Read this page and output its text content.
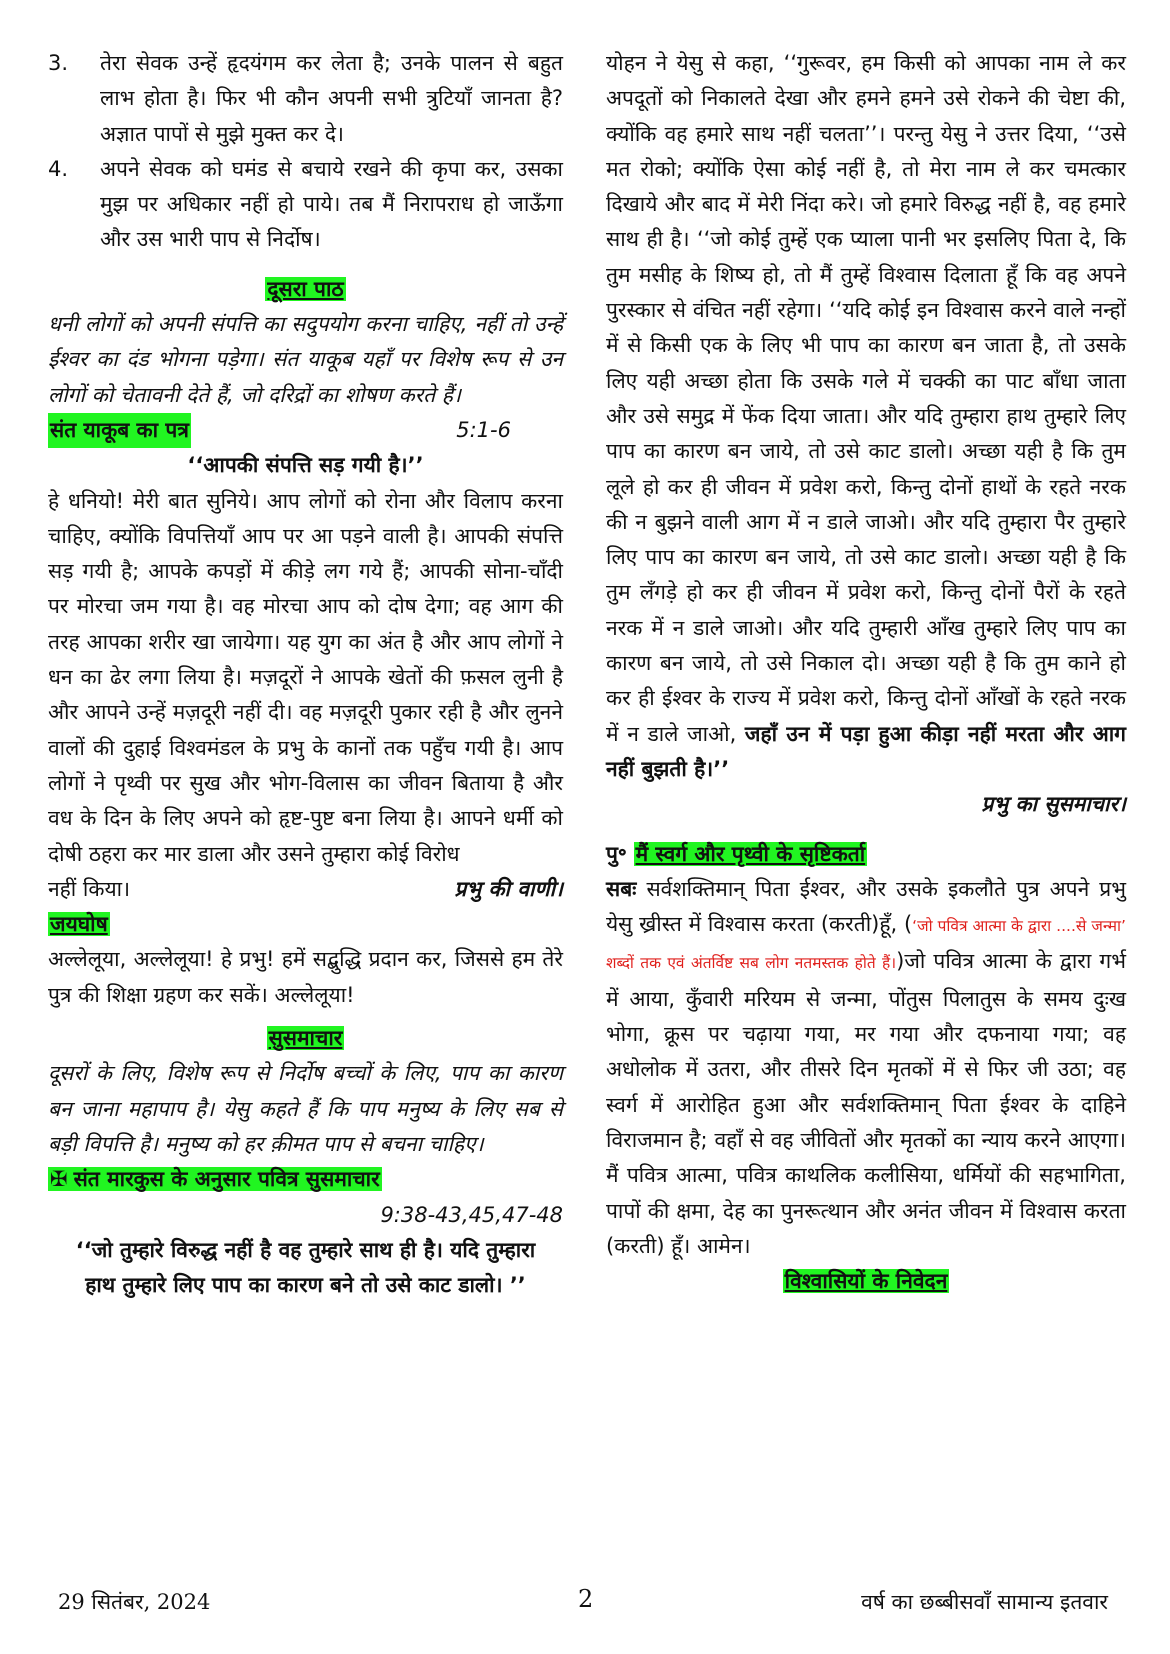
3.	तेरा सेवक उन्हें हृदयंगम कर लेता है; उनके पालन से बहुत लाभ होता है। फिर भी कौन अपनी सभी त्रुटियाँ जानता है? अज्ञात पापों से मुझे मुक्त कर दे।
4.	अपने सेवक को घमंड से बचाये रखने की कृपा कर, उसका मुझ पर अधिकार नहीं हो पाये। तब मैं निरापराध हो जाऊँगा और उस भारी पाप से निर्दोष।
दूसरा पाठ
धनी लोगों को अपनी संपत्ति का सदुपयोग करना चाहिए, नहीं तो उन्हें ईश्वर का दंड भोगना पड़ेगा। संत याकूब यहाँ पर विशेष रूप से उन लोगों को चेतावनी देते हैं, जो दरिद्रों का शोषण करते हैं।
संत याकूब का पत्र	5:1-6
‘‘आपकी संपत्ति सड़ गयी है।’’
हे धनियो! मेरी बात सुनिये। आप लोगों को रोना और विलाप करना चाहिए, क्योंकि विपत्तियाँ आप पर आ पड़ने वाली है। आपकी संपत्ति सड़ गयी है; आपके कपड़ों में कीड़े लग गये हैं; आपकी सोना-चाँदी पर मोरचा जम गया है। वह मोरचा आप को दोष देगा; वह आग की तरह आपका शरीर खा जायेगा। यह युग का अंत है और आप लोगों ने धन का ढेर लगा लिया है। मज़दूरों ने आपके खेतों की फ़सल लुनी है और आपने उन्हें मज़दूरी नहीं दी। वह मज़दूरी पुकार रही है और लुनने वालों की दुहाई विश्वमंडल के प्रभु के कानों तक पहुँच गयी है। आप लोगों ने पृथ्वी पर सुख और भोग-विलास का जीवन बिताया है और वध के दिन के लिए अपने को हृष्ट-पुष्ट बना लिया है। आपने धर्मी को दोषी ठहरा कर मार डाला और उसने तुम्हारा कोई विरोध
नहीं किया।	प्रभु की वाणी।
जयघोष
अल्लेलूया, अल्लेलूया! हे प्रभु! हमें सद्बुद्धि प्रदान कर, जिससे हम तेरे पुत्र की शिक्षा ग्रहण कर सकें। अल्लेलूया!
सुसमाचार
दूसरों के लिए, विशेष रूप से निर्दोष बच्चों के लिए, पाप का कारण बन जाना महापाप है। येसु कहते हैं कि पाप मनुष्य के लिए सब से बड़ी विपत्ति है। मनुष्य को हर क़ीमत पाप से बचना चाहिए।
✠ संत मारकुस के अनुसार पवित्र सुसमाचार
9:38-43,45,47-48
‘‘जो तुम्हारे विरुद्ध नहीं है वह तुम्हारे साथ ही है। यदि तुम्हारा हाथ तुम्हारे लिए पाप का कारण बने तो उसे काट डालो। ’’
योहन ने येसु से कहा, ‘‘गुरूवर, हम किसी को आपका नाम ले कर अपदूतों को निकालते देखा और हमने हमने उसे रोकने की चेष्टा की, क्योंकि वह हमारे साथ नहीं चलता’’। परन्तु येसु ने उत्तर दिया, ‘‘उसे मत रोको; क्योंकि ऐसा कोई नहीं है, तो मेरा नाम ले कर चमत्कार दिखाये और बाद में मेरी निंदा करे। जो हमारे विरुद्ध नहीं है, वह हमारे साथ ही है। ‘‘जो कोई तुम्हें एक प्याला पानी भर इसलिए पिता दे, कि तुम मसीह के शिष्य हो, तो मैं तुम्हें विश्वास दिलाता हूँ कि वह अपने पुरस्कार से वंचित नहीं रहेगा। ‘‘यदि कोई इन विश्वास करने वाले नन्हों में से किसी एक के लिए भी पाप का कारण बन जाता है, तो उसके लिए यही अच्छा होता कि उसके गले में चक्की का पाट बाँधा जाता और उसे समुद्र में फेंक दिया जाता। और यदि तुम्हारा हाथ तुम्हारे लिए पाप का कारण बन जाये, तो उसे काट डालो। अच्छा यही है कि तुम लूले हो कर ही जीवन में प्रवेश करो, किन्तु दोनों हाथों के रहते नरक की न बुझने वाली आग में न डाले जाओ। और यदि तुम्हारा पैर तुम्हारे लिए पाप का कारण बन जाये, तो उसे काट डालो। अच्छा यही है कि तुम लँगड़े हो कर ही जीवन में प्रवेश करो, किन्तु दोनों पैरों के रहते नरक में न डाले जाओ। और यदि तुम्हारी आँख तुम्हारे लिए पाप का कारण बन जाये, तो उसे निकाल दो। अच्छा यही है कि तुम काने हो कर ही ईश्वर के राज्य में प्रवेश करो, किन्तु दोनों आँखों के रहते नरक में न डाले जाओ, जहाँ उन में पड़ा हुआ कीड़ा नहीं मरता और आग नहीं बुझती है।’’
प्रभु का सुसमाचार।
पु॰ मैं स्वर्ग और पृथ्वी के सृष्टिकर्ता
सबः सर्वशक्तिमान् पिता ईश्वर, और उसके इकलौते पुत्र अपने प्रभु येसु ख्रीस्त में विश्वास करता (करती)हूँ, (‘जो पवित्र आत्मा के द्वारा ....से जन्मा’ शब्दों तक एवं अंतर्विष्ट सब लोग नतमस्तक होते हैं।)जो पवित्र आत्मा के द्वारा गर्भ में आया, कुँवारी मरियम से जन्मा, पोंतुस पिलातुस के समय दुःख भोगा, क्रूस पर चढ़ाया गया, मर गया और दफनाया गया; वह अधोलोक में उतरा, और तीसरे दिन मृतकों में से फिर जी उठा; वह स्वर्ग में आरोहित हुआ और सर्वशक्तिमान् पिता ईश्वर के दाहिने विराजमान है; वहाँ से वह जीवितों और मृतकों का न्याय करने आएगा। मैं पवित्र आत्मा, पवित्र काथलिक कलीसिया, धर्मियों की सहभागिता, पापों की क्षमा, देह का पुनरूत्थान और अनंत जीवन में विश्वास करता (करती) हूँ। आमेन।
विश्वासियों के निवेदन
29 सितंबर, 2024	2	वर्ष का छब्बीसवाँ सामान्य इतवार
